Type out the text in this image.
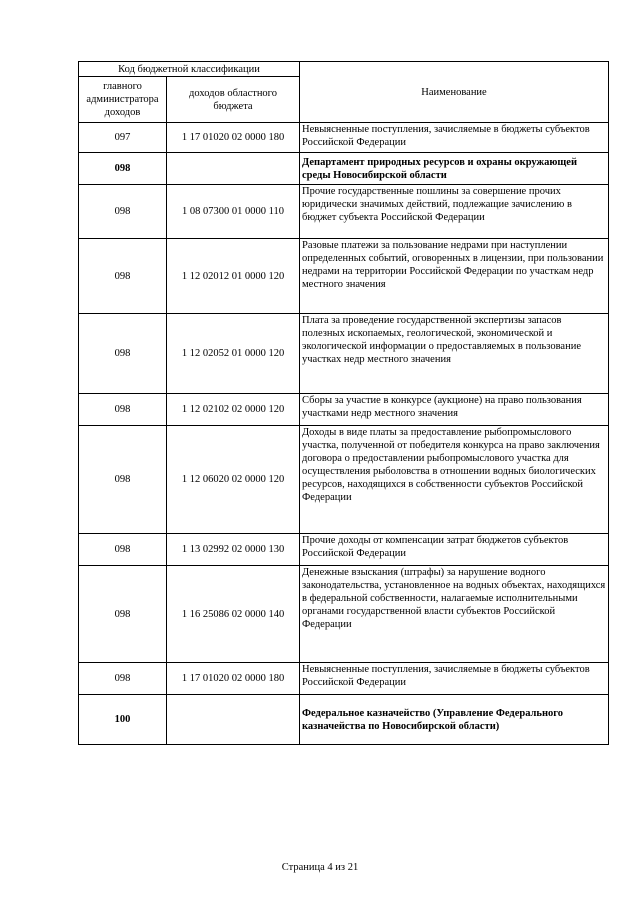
Код бюджетной классификации		Наименование
главного администратора доходов	доходов областного бюджета	
097	1 17 01020 02 0000 180	Невыясненные поступления, зачисляемые в бюджеты субъектов Российской Федерации
098		Департамент природных ресурсов и охраны окружающей среды Новосибирской области
098	1 08 07300 01 0000 110	Прочие государственные пошлины за совершение прочих юридически значимых действий, подлежащие зачислению в бюджет субъекта Российской Федерации
098	1 12 02012 01 0000 120	Разовые платежи за пользование недрами при наступлении определенных событий, оговоренных в лицензии, при пользовании недрами на территории Российской Федерации по участкам недр местного значения
098	1 12 02052 01 0000 120	Плата за проведение государственной экспертизы запасов полезных ископаемых, геологической, экономической и экологической информации о предоставляемых в пользование участках недр местного значения
098	1 12 02102 02 0000 120	Сборы за участие в конкурсе (аукционе) на право пользования участками недр местного значения
098	1 12 06020 02 0000 120	Доходы в виде платы за предоставление рыбопромыслового участка, полученной от победителя конкурса на право заключения договора о предоставлении рыбопромыслового участка для осуществления рыболовства в отношении водных биологических ресурсов, находящихся в собственности субъектов Российской Федерации
098	1 13 02992 02 0000 130	Прочие доходы от компенсации затрат бюджетов субъектов Российской Федерации
098	1 16 25086 02 0000 140	Денежные взыскания (штрафы) за нарушение водного законодательства, установленное на водных объектах, находящихся в федеральной собственности, налагаемые исполнительными органами государственной власти субъектов Российской Федерации
098	1 17 01020 02 0000 180	Невыясненные поступления, зачисляемые в бюджеты субъектов Российской Федерации
100		Федеральное казначейство (Управление Федерального казначейства по Новосибирской области)
Страница 4 из 21
